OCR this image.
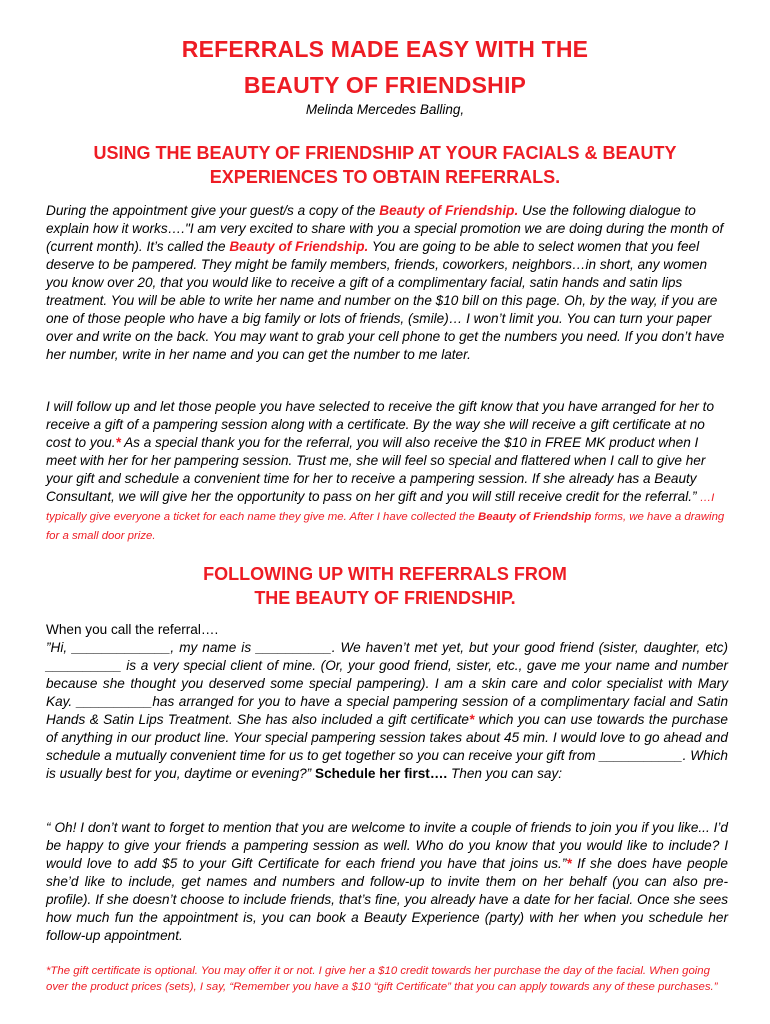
REFERRALS MADE EASY WITH THE
BEAUTY OF FRIENDSHIP
Melinda Mercedes Balling,
USING THE BEAUTY OF FRIENDSHIP AT YOUR FACIALS & BEAUTY
EXPERIENCES TO OBTAIN REFERRALS.
During the appointment give your guest/s a copy of the Beauty of Friendship. Use the following dialogue to explain how it works…."I am very excited to share with you a special promotion we are doing during the month of (current month). It’s called the Beauty of Friendship. You are going to be able to select women that you feel deserve to be pampered. They might be family members, friends, coworkers, neighbors…in short, any women you know over 20, that you would like to receive a gift of a complimentary facial, satin hands and satin lips treatment. You will be able to write her name and number on the $10 bill on this page. Oh, by the way, if you are one of those people who have a big family or lots of friends, (smile)… I won’t limit you. You can turn your paper over and write on the back. You may want to grab your cell phone to get the numbers you need. If you don’t have her number, write in her name and you can get the number to me later.
I will follow up and let those people you have selected to receive the gift know that you have arranged for her to receive a gift of a pampering session along with a certificate. By the way she will receive a gift certificate at no cost to you.* As a special thank you for the referral, you will also receive the $10 in FREE MK product when I meet with her for her pampering session. Trust me, she will feel so special and flattered when I call to give her your gift and schedule a convenient time for her to receive a pampering session. If she already has a Beauty Consultant, we will give her the opportunity to pass on her gift and you will still receive credit for the referral.” …I typically give everyone a ticket for each name they give me. After I have collected the Beauty of Friendship forms, we have a drawing for a small door prize.
FOLLOWING UP WITH REFERRALS FROM
THE BEAUTY OF FRIENDSHIP.
When you call the referral….
”Hi, _____________, my name is __________. We haven’t met yet, but your good friend (sister, daughter, etc) __________ is a very special client of mine. (Or, your good friend, sister, etc., gave me your name and number because she thought you deserved some special pampering). I am a skin care and color specialist with Mary Kay. __________has arranged for you to have a special pampering session of a complimentary facial and Satin Hands & Satin Lips Treatment. She has also included a gift certificate* which you can use towards the purchase of anything in our product line. Your special pampering session takes about 45 min. I would love to go ahead and schedule a mutually convenient time for us to get together so you can receive your gift from ___________. Which is usually best for you, daytime or evening?” Schedule her first…. Then you can say:
“ Oh! I don’t want to forget to mention that you are welcome to invite a couple of friends to join you if you like... I’d be happy to give your friends a pampering session as well. Who do you know that you would like to include? I would love to add $5 to your Gift Certificate for each friend you have that joins us.”* If she does have people she’d like to include, get names and numbers and follow-up to invite them on her behalf (you can also pre-profile). If she doesn’t choose to include friends, that’s fine, you already have a date for her facial. Once she sees how much fun the appointment is, you can book a Beauty Experience (party) with her when you schedule her follow-up appointment.
*The gift certificate is optional. You may offer it or not. I give her a $10 credit towards her purchase the day of the facial. When going over the product prices (sets), I say, “Remember you have a $10 “gift Certificate” that you can apply towards any of these purchases.”
